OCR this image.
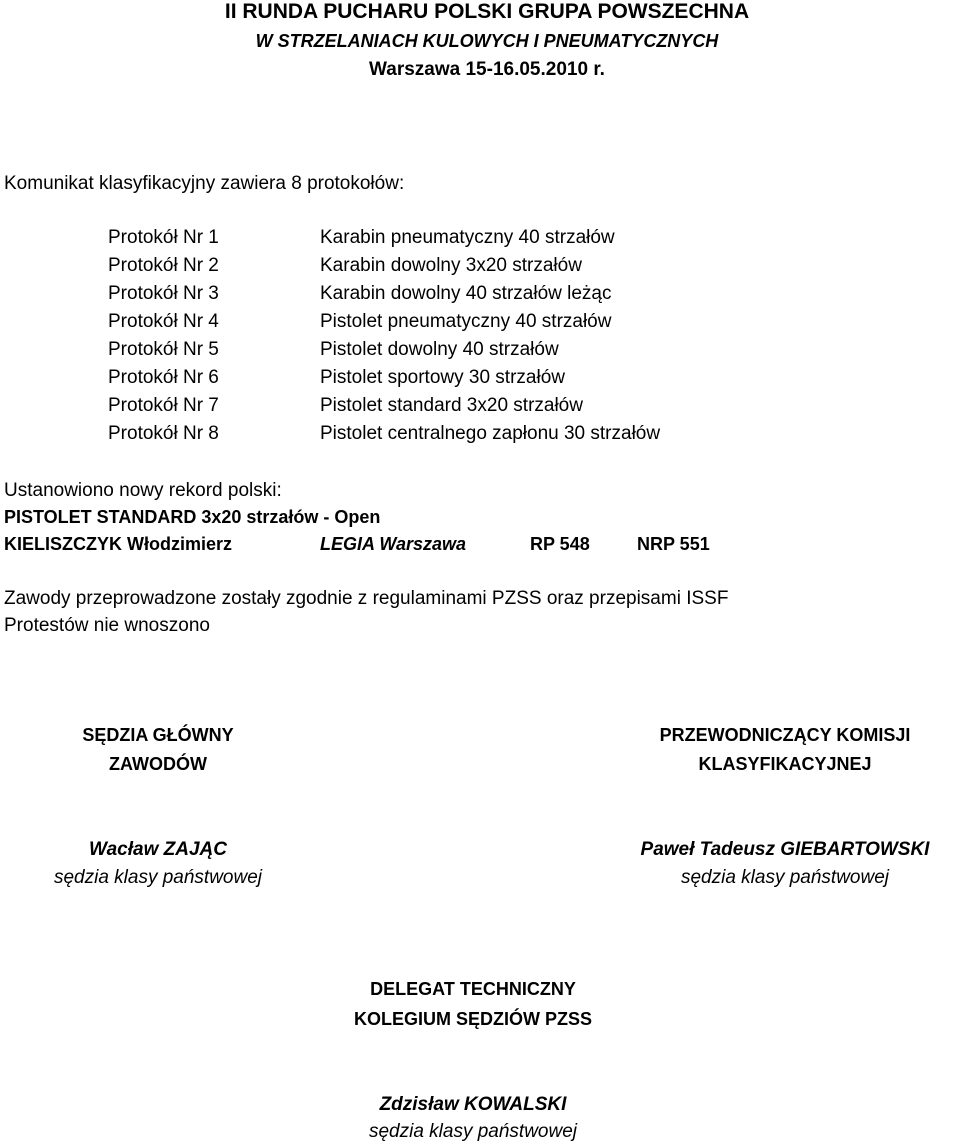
II RUNDA PUCHARU POLSKI GRUPA POWSZECHNA
W STRZELANIACH KULOWYCH I PNEUMATYCZNYCH
Warszawa 15-16.05.2010 r.
Komunikat klasyfikacyjny zawiera 8 protokołów:
Protokół Nr 1	Karabin pneumatyczny 40 strzałów
Protokół Nr 2	Karabin dowolny 3x20 strzałów
Protokół Nr 3	Karabin dowolny 40 strzałów leżąc
Protokół Nr 4	Pistolet pneumatyczny 40 strzałów
Protokół Nr 5	Pistolet dowolny 40 strzałów
Protokół Nr 6	Pistolet sportowy 30 strzałów
Protokół Nr 7	Pistolet standard 3x20 strzałów
Protokół Nr 8	Pistolet centralnego zapłonu 30 strzałów
Ustanowiono nowy rekord polski:
PISTOLET STANDARD 3x20 strzałów - Open
KIELISZCZYK Włodzimierz	LEGIA Warszawa	RP 548	NRP 551
Zawody przeprowadzone zostały zgodnie z regulaminami PZSS oraz przepisami ISSF
Protestów nie wnoszono
SĘDZIA GŁÓWNY
ZAWODÓW
Wacław ZAJĄC
sędzia klasy państwowej
PRZEWODNICZĄCY KOMISJI
KLASYFIKACYJNEJ
Paweł Tadeusz GIEBARTOWSKI
sędzia klasy państwowej
DELEGAT TECHNICZNY
KOLEGIUM SĘDZIÓW PZSS
Zdzisław KOWALSKI
sędzia klasy państwowej
